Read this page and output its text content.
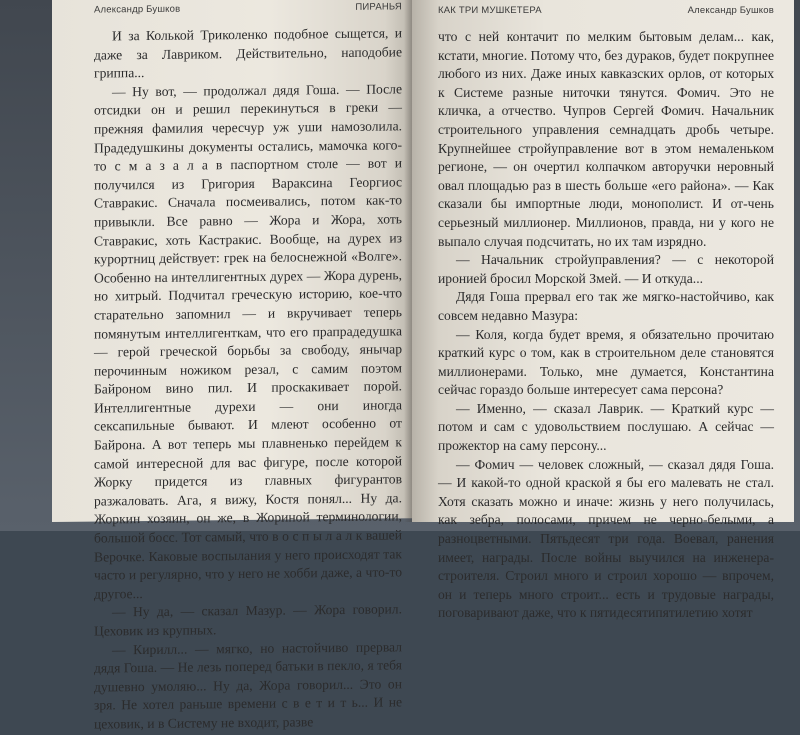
Александр Бушков	ПИРАНЬЯ

И за Колькой Триколенко подобное сыщется, и даже за Лавриком. Действительно, наподобие гриппа...

— Ну вот, — продолжал дядя Гоша. — После отсидки он и решил перекинуться в греки — прежняя фамилия чересчур уж уши намозолила. Прадедушкины документы остались, мамочка кого-то с м а з а л а в паспортном столе — вот и получился из Григория Варaксина Георгиос Ставракис. Сначала посмеивались, потом как-то привыкли. Все равно — Жора и Жора, хоть Ставракис, хоть Кастракис. Вообще, на дурех из курортниц действует: грек на белоснежной «Волге». Особенно на интеллигентных дурех — Жора дурень, но хитрый. Подчитал греческую историю, кое-что старательно запомнил — и вкручивает теперь помянутым интеллигенткам, что его прапрадедушка — герой греческой борьбы за свободу, янычар перочинным ножиком резал, с самим поэтом Байроном вино пил. И проскакивает порой. Интеллигентные дурехи — они иногда сексапильные бывают. И млеют особенно от Байрона. А вот теперь мы плавненько перейдем к самой интересной для вас фигуре, после которой Жорку придется из главных фигурантов разжаловать. Ага, я вижу, Костя понял... Ну да. Жоркин хозяин, он же, в Жориной терминологии, большой босс. Тот самый, что в о с п ы л а л к вашей Верочке. Каковые воспылания у него происходят так часто и регулярно, что у него не хобби даже, а что-то другое...

— Ну да, — сказал Мазур. — Жора говорил. Цеховик из крупных.

— Кирилл... — мягко, но настойчиво прервал дядя Гоша. — Не лезь поперед батьки в пекло, я тебя душевно умоляю... Ну да, Жора говорил... Это он зря. Не хотел раньше времени с в е т и т ь... И не цеховик, и в Систему не входит, разве

КАК ТРИ МУШКЕТЕРА	Александр Бушков

что с ней контачит по мелким бытовым делам... как, кстати, многие. Потому что, без дураков, будет покрупнее любого из них. Даже иных кавказских орлов, от которых к Системе разные ниточки тянутся. Фомич. Это не кличка, а отчество. Чупров Сергей Фомич. Начальник строительного управления семнадцать дробь четыре. Крупнейшее стройуправление вот в этом немаленьком регионе, — он очертил колпачком авторучки неровный овал площадью раз в шесть больше «его района». — Как сказали бы импортные люди, монополист. И от-чень серьезный миллионер. Миллионов, правда, ни у кого не выпало случая подсчитать, но их там изрядно.

— Начальник стройуправления? — с некоторой иронией бросил Морской Змей. — И откуда...

Дядя Гоша прервал его так же мягко-настойчиво, как совсем недавно Мазура:

— Коля, когда будет время, я обязательно прочитаю краткий курс о том, как в строительном деле становятся миллионерами. Только, мне думается, Константина сейчас гораздо больше интересует сама персона?

— Именно, — сказал Лаврик. — Краткий курс — потом и сам с удовольствием послушаю. А сейчас — прожектор на саму персону...

— Фомич — человек сложный, — сказал дядя Гоша. — И какой-то одной краской я бы его малевать не стал. Хотя сказать можно и иначе: жизнь у него получилась, как зебра, полосами, причем не черно-белыми, а разноцветными. Пятьдесят три года. Воевал, ранения имеет, награды. После войны выучился на инженера-строителя. Строил много и строил хорошо — впрочем, он и теперь много строит... есть и трудовые награды, поговаривают даже, что к пятидесятипятилетию хотят
